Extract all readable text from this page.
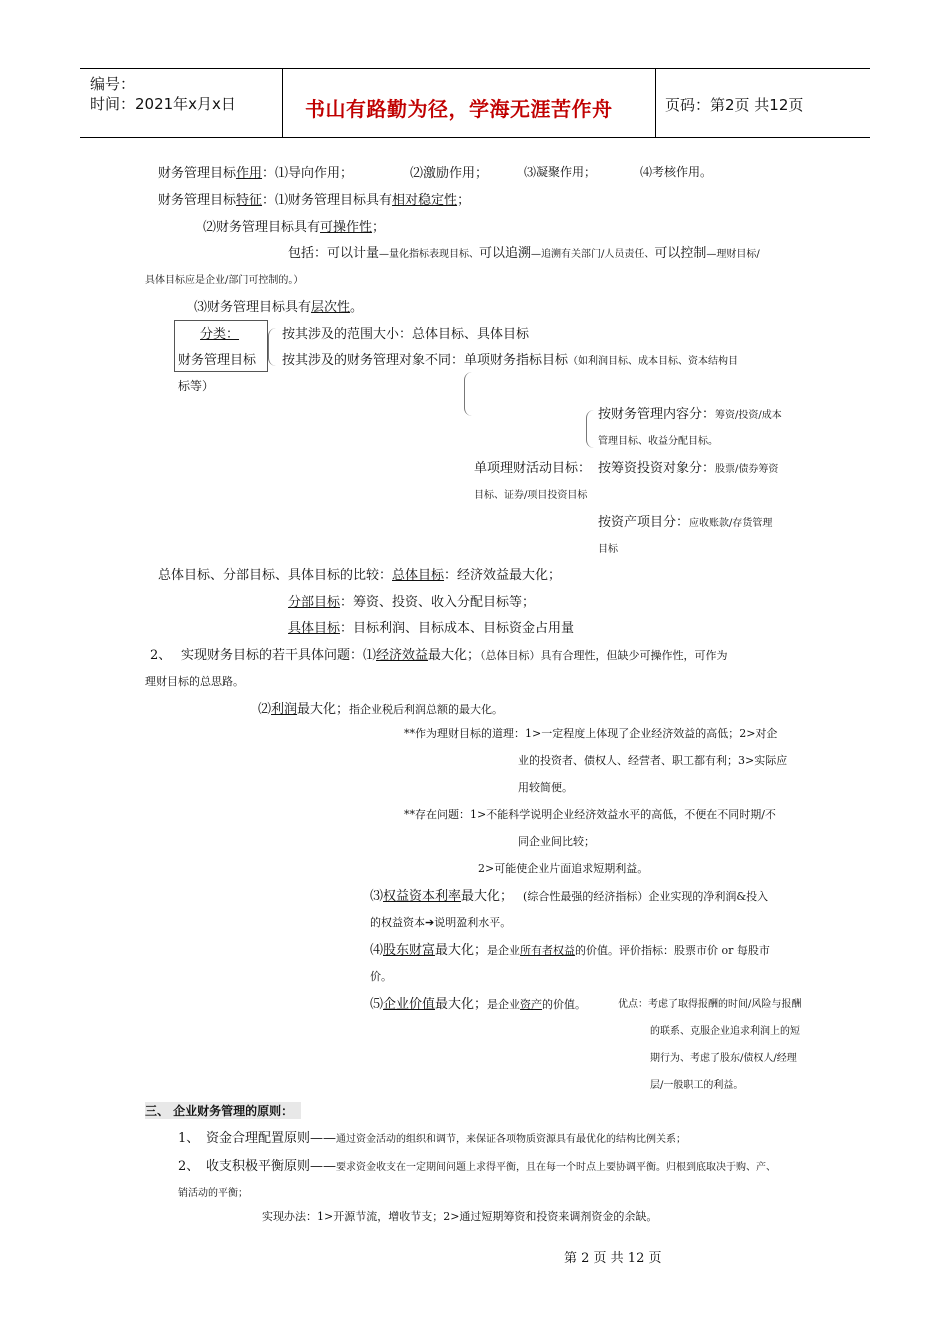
编号：
时间：2021年x月x日	书山有路勤为径，学海无涯苦作舟	页码：第2页 共12页
财务管理目标作用：⑴导向作用；	⑵激励作用；	⑶凝聚作用；	⑷考核作用。
财务管理目标特征：⑴财务管理目标具有相对稳定性；
⑵财务管理目标具有可操作性；
包括：可以计量—量化指标表现目标、可以追溯—追溯有关部门/人员责任、可以控制—理财目标/
具体目标应是企业/部门可控制的。）
⑶财务管理目标具有层次性。
分类：
财务管理目标
标等）
按其涉及的范围大小：总体目标、具体目标
按其涉及的财务管理对象不同：单项财务指标目标（如利润目标、成本目标、资本结构目
按财务管理内容分：筹资/投资/成本
管理目标、收益分配目标。
单项理财活动目标： 按筹资投资对象分：股票/债券筹资
目标、证券/项目投资目标
按资产项目分：应收账款/存货管理
目标
总体目标、分部目标、具体目标的比较：总体目标：经济效益最大化；
分部目标：筹资、投资、收入分配目标等；
具体目标：目标利润、目标成本、目标资金占用量
2、 实现财务目标的若干具体问题：⑴经济效益最大化；（总体目标）具有合理性，但缺少可操作性，可作为
理财目标的总思路。
⑵利润最大化；指企业税后利润总额的最大化。
**作为理财目标的道理：1>一定程度上体现了企业经济效益的高低；2>对企
业的投资者、债权人、经营者、职工都有利；3>实际应
用较简便。
**存在问题：1>不能科学说明企业经济效益水平的高低，不便在不同时期/不
同企业间比较；
2>可能使企业片面追求短期利益。
⑶权益资本利率最大化； (综合性最强的经济指标）企业实现的净利润&投入
的权益资本➔说明盈利水平。
⑷股东财富最大化；是企业所有者权益的价值。评价指标：股票市价 or 每股市
价。
⑸企业价值最大化；是企业资产的价值。	优点：考虑了取得报酬的时间/风险与报酬
的联系、克服企业追求利润上的短
期行为、考虑了股东/债权人/经理
层/一般职工的利益。
三、 企业财务管理的原则：
1、 资金合理配置原则——通过资金活动的组织和调节，来保证各项物质资源具有最优化的结构比例关系；
2、 收支积极平衡原则——要求资金收支在一定期间问题上求得平衡，且在每一个时点上要协调平衡。归根到底取决于购、产、
销活动的平衡；
实现办法：1>开源节流，增收节支；2>通过短期筹资和投资来调剂资金的余缺。
第 2 页 共 12 页
